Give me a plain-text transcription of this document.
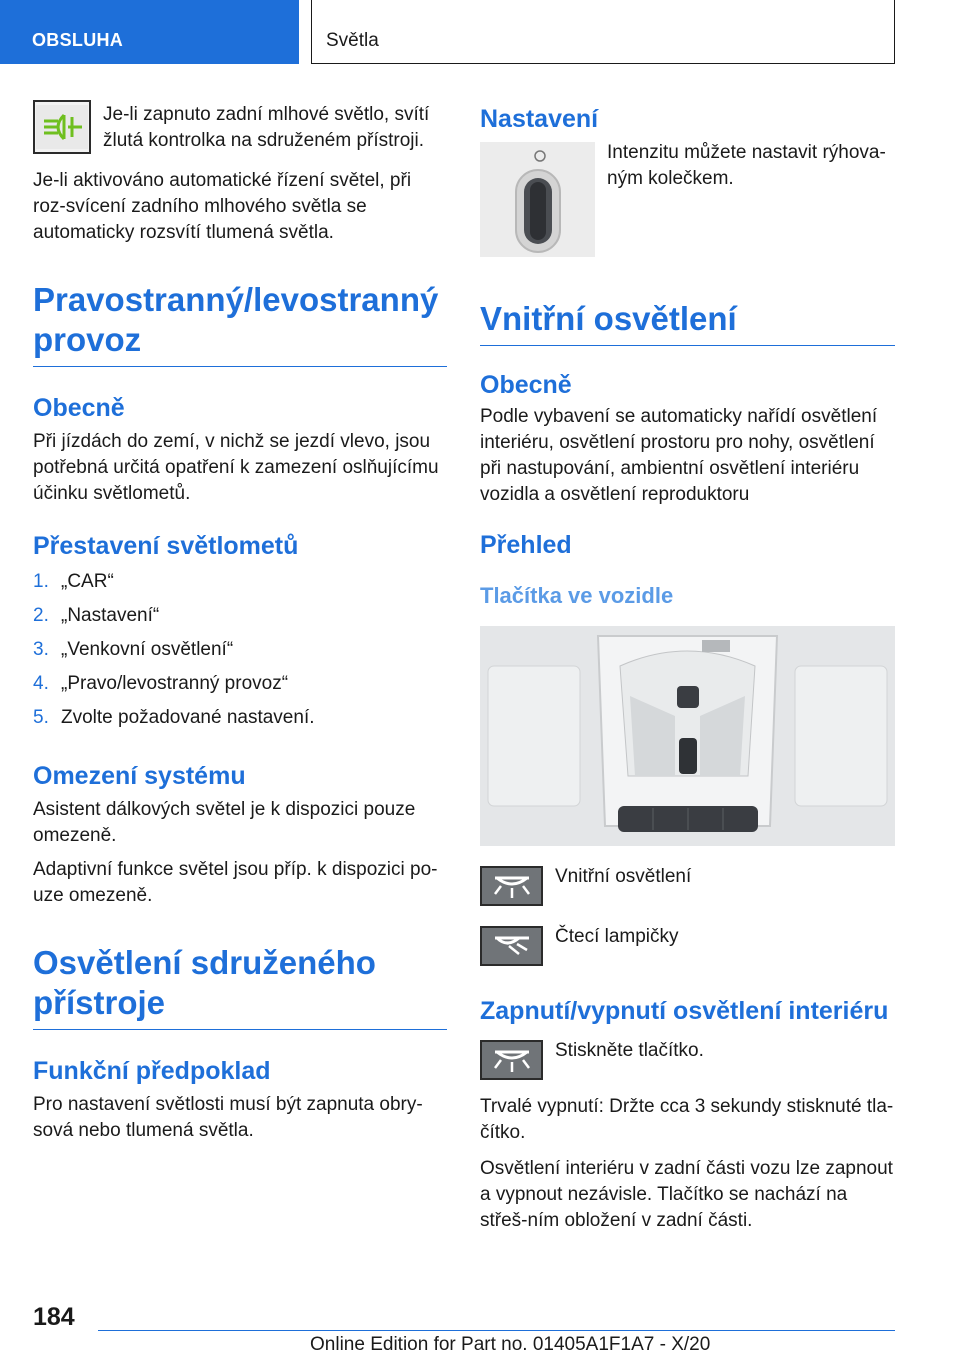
OBSLUHA	Světla

Je-li zapnuto zadní mlhové světlo, svítí žlutá kontrolka na sdruženém přístroji.

Je-li aktivováno automatické řízení světel, při roz-svícení zadního mlhového světla se automaticky rozsvítí tlumená světla.

Pravostranný/levostranný provoz
Obecně

Při jízdách do zemí, v nichž se jezdí vlevo, jsou potřebná určitá opatření k zamezení oslňujícímu účinku světlometů.

Přestavení světlometů
1. „CAR“
2. „Nastavení“
3. „Venkovní osvětlení“
4. „Pravo/levostranný provoz“
5. Zvolte požadované nastavení.
Omezení systému

Asistent dálkových světel je k dispozici pouze omezeně.

Adaptivní funkce světel jsou příp. k dispozici po-uze omezeně.

Osvětlení sdruženého přístroje
Funkční předpoklad

Pro nastavení světlosti musí být zapnuta obry-sová nebo tlumená světla.

Nastavení

Intenzitu můžete nastavit rýhova-ným kolečkem.

Vnitřní osvětlení
Obecně

Podle vybavení se automaticky nařídí osvětlení interiéru, osvětlení prostoru pro nohy, osvětlení při nastupování, ambientní osvětlení interiéru vozidla a osvětlení reproduktoru

Přehled
Tlačítka ve vozidle

Vnitřní osvětlení

Čtecí lampičky

Zapnutí/vypnutí osvětlení interiéru

Stiskněte tlačítko.

Trvalé vypnutí: Držte cca 3 sekundy stisknuté tla-čítko.

Osvětlení interiéru v zadní části vozu lze zapnout a vypnout nezávisle. Tlačítko se nachází na střeš-ním obložení v zadní části.

184
Online Edition for Part no. 01405A1F1A7 - X/20
